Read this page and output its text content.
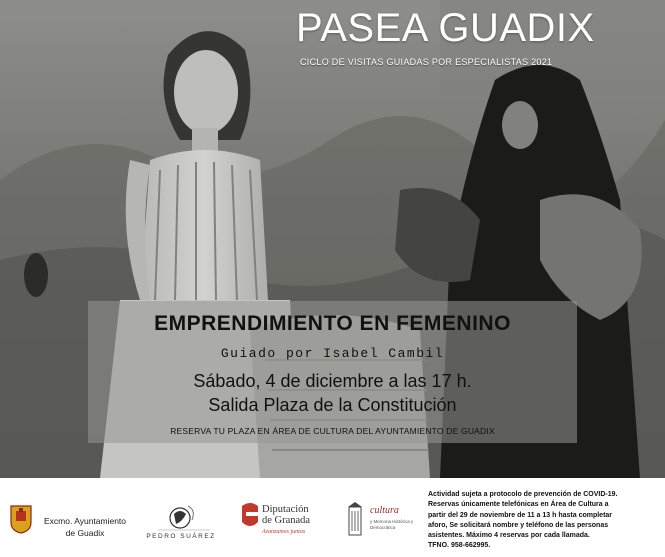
PASEA GUADIX
CICLO DE VISITAS GUIADAS POR ESPECIALISTAS 2021
EMPRENDIMIENTO EN FEMENINO
Guiado por Isabel Cambil
Sábado, 4 de diciembre a las 17 h.
Salida Plaza de la Constitución
RESERVA TU PLAZA EN ÁREA DE CULTURA DEL AYUNTAMIENTO DE GUADIX
Excmo. Ayuntamiento
de Guadix	PEDRO SUÁREZ
Diputación
de Granada
Avanzamos juntos
cultura
y Memoria Histórica y Democrática
Actividad sujeta a protocolo de prevención de COVID-19.
Reservas únicamente telefónicas en Área de Cultura a
partir del 29 de noviembre de 11 a 13 h hasta completar
aforo, Se solicitará nombre y teléfono de las personas
asistentes. Máximo 4 reservas por cada llamada.
TFNO. 958-662995.
